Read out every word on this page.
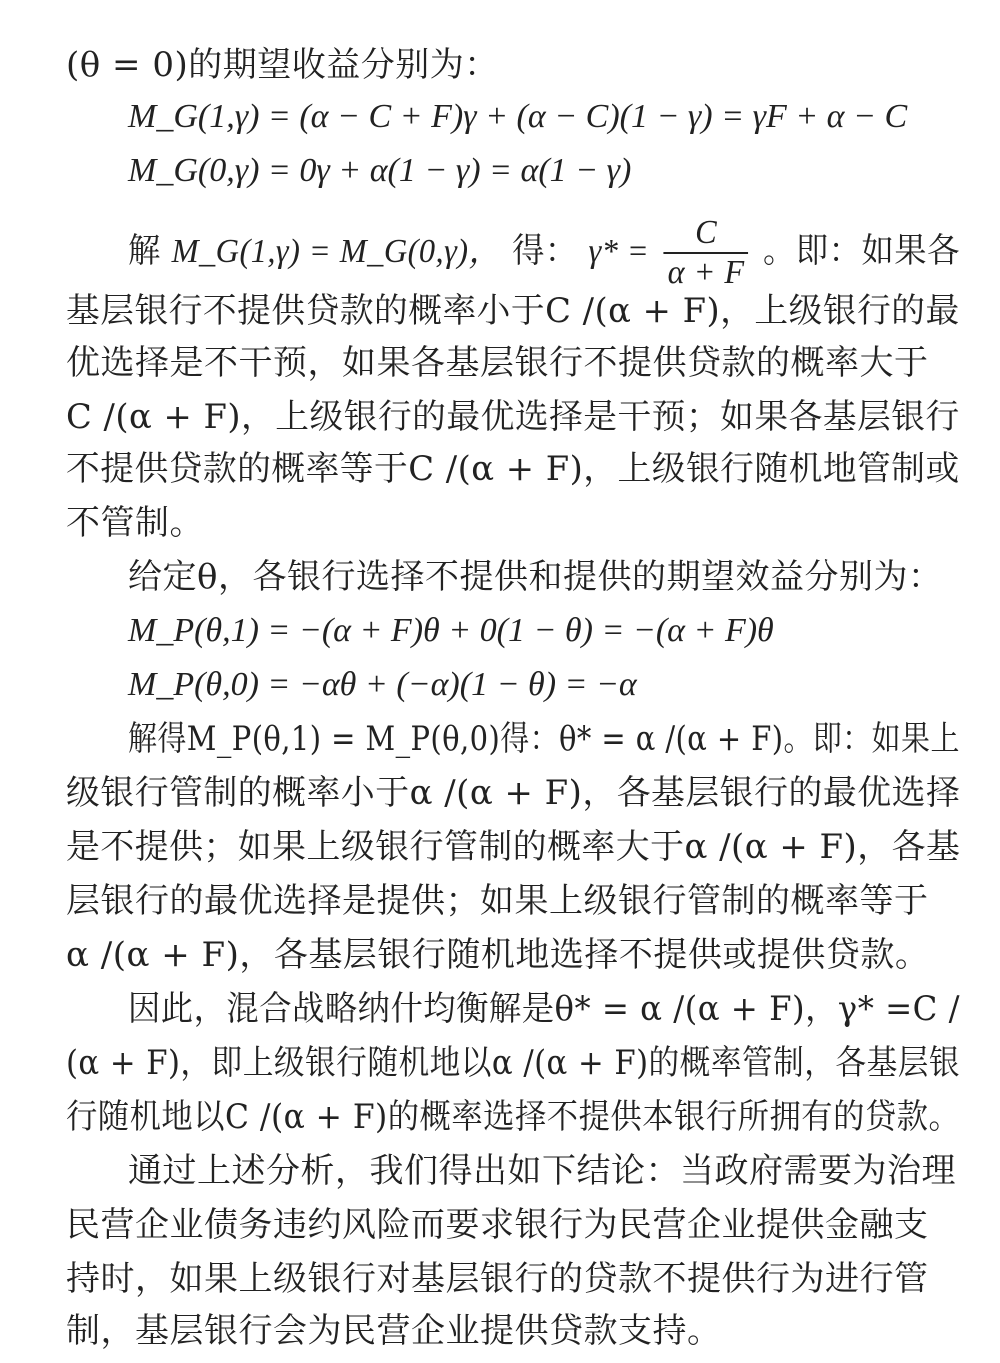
(θ = 0)的期望收益分别为：
M_G(1,γ) = (α − C + F)γ + (α − C)(1 − γ) = γF + α − C
M_G(0,γ) = 0γ + α(1 − γ) = α(1 − γ)
解 M_G(1,γ) = M_G(0,γ)， 得： $\gamma* = \frac{C}{\alpha + F}$ 。即：如果各
基层银行不提供贷款的概率小于C /(α + F)，上级银行的最
优选择是不干预，如果各基层银行不提供贷款的概率大于
C /(α + F)，上级银行的最优选择是干预；如果各基层银行
不提供贷款的概率等于C /(α + F)，上级银行随机地管制或
不管制。
给定θ，各银行选择不提供和提供的期望效益分别为：
M_P(θ,1) = −(α + F)θ + 0(1 − θ) = −(α + F)θ
M_P(θ,0) = −αθ + (−α)(1 − θ) = −α
解得M_P(θ,1) = M_P(θ,0)得：θ* = α /(α + F)。即：如果上
级银行管制的概率小于α /(α + F)，各基层银行的最优选择
是不提供；如果上级银行管制的概率大于α /(α + F)，各基
层银行的最优选择是提供；如果上级银行管制的概率等于
α /(α + F)，各基层银行随机地选择不提供或提供贷款。
因此，混合战略纳什均衡解是θ* = α /(α + F)，γ* =C /
(α + F)，即上级银行随机地以α /(α + F)的概率管制，各基层银
行随机地以C /(α + F)的概率选择不提供本银行所拥有的贷款。
通过上述分析，我们得出如下结论：当政府需要为治理
民营企业债务违约风险而要求银行为民营企业提供金融支
持时，如果上级银行对基层银行的贷款不提供行为进行管
制，基层银行会为民营企业提供贷款支持。
